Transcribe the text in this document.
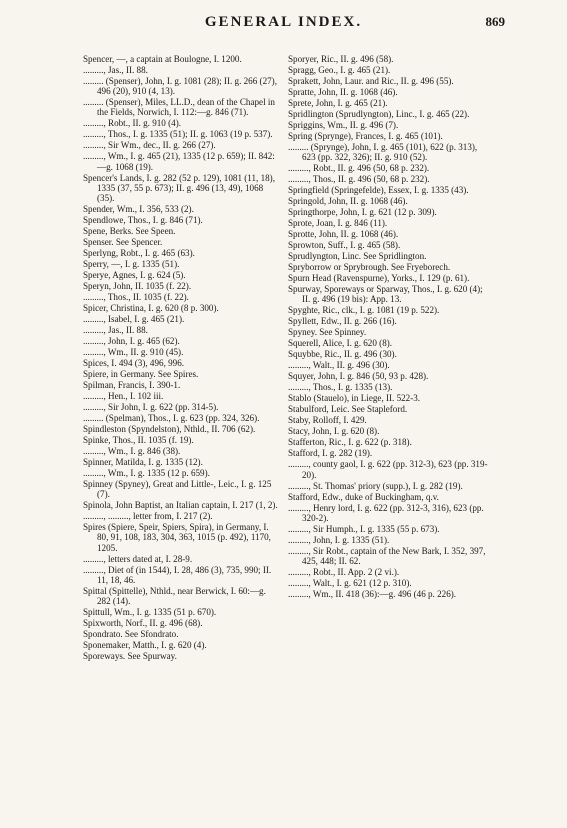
GENERAL INDEX.	869
Spencer, —, a captain at Boulogne, I. 1200.
........., Jas., II. 88.
......... (Spenser), John, I. g. 1081 (28); II. g. 266 (27), 496 (20), 910 (4, 13).
......... (Spenser), Miles, LL.D., dean of the Chapel in the Fields, Norwich, I. 112:—g. 846 (71).
........., Robt., II. g. 910 (4).
........., Thos., I. g. 1335 (51); II. g. 1063 (19 p. 537).
........., Sir Wm., dec., II. g. 266 (27).
........., Wm., I. g. 465 (21), 1335 (12 p. 659); II. 842:—g. 1068 (19).
Spencer's Lands, I. g. 282 (52 p. 129), 1081 (11, 18), 1335 (37, 55 p. 673); II. g. 496 (13, 49), 1068 (35).
Spender, Wm., I. 356, 533 (2).
Spendlowe, Thos., I. g. 846 (71).
Spene, Berks. See Speen.
Spenser. See Spencer.
Sperlyng, Robt., I. g. 465 (63).
Sperry, —, I. g. 1335 (51).
Sperye, Agnes, I. g. 624 (5).
Speryn, John, II. 1035 (f. 22).
........., Thos., II. 1035 (f. 22).
Spicer, Christina, I. g. 620 (8 p. 300).
........., Isabel, I. g. 465 (21).
........., Jas., II. 88.
........., John, I. g. 465 (62).
........., Wm., II. g. 910 (45).
Spices, I. 494 (3), 496, 996.
Spiere, in Germany. See Spires.
Spilman, Francis, I. 390-1.
........., Hen., I. 102 iii.
........., Sir John, I. g. 622 (pp. 314-5).
......... (Spelman), Thos., I. g. 623 (pp. 324, 326).
Spindleston (Spyndelston), Nthld., II. 706 (62).
Spinke, Thos., II. 1035 (f. 19).
........., Wm., I. g. 846 (38).
Spinner, Matilda, I. g. 1335 (12).
........., Wm., I. g. 1335 (12 p. 659).
Spinney (Spyney), Great and Little-, Leic., I. g. 125 (7).
Spinola, John Baptist, an Italian captain, I. 217 (1, 2).
........., ........., letter from, I. 217 (2).
Spires (Spiere, Speir, Spiers, Spira), in Germany, I. 80, 91, 108, 183, 304, 363, 1015 (p. 492), 1170, 1205.
........., letters dated at, I. 28-9.
........., Diet of (in 1544), I. 28, 486 (3), 735, 990; II. 11, 18, 46.
Spittal (Spittelle), Nthld., near Berwick, I. 60:—g. 282 (14).
Spittull, Wm., I. g. 1335 (51 p. 670).
Spixworth, Norf., II. g. 496 (68).
Spondrato. See Sfondrato.
Sponemaker, Matth., I. g. 620 (4).
Sporeways. See Spurway.
Sporyer, Ric., II. g. 496 (58).
Spragg, Geo., I. g. 465 (21).
Sprakett, John, Laur. and Ric., II. g. 496 (55).
Spratte, John, II. g. 1068 (46).
Sprete, John, I. g. 465 (21).
Spridlington (Sprudlyngton), Linc., I. g. 465 (22).
Spriggins, Wm., II. g. 496 (7).
Spring (Sprynge), Frances, I. g. 465 (101).
......... (Sprynge), John, I. g. 465 (101), 622 (p. 313), 623 (pp. 322, 326); II. g. 910 (52).
........., Robt., II. g. 496 (50, 68 p. 232).
........., Thos., II. g. 496 (50, 68 p. 232).
Springfield (Springefelde), Essex, I. g. 1335 (43).
Springold, John, II. g. 1068 (46).
Springthorpe, John, I. g. 621 (12 p. 309).
Sprote, Joan, I. g. 846 (11).
Sprotte, John, II. g. 1068 (46).
Sprowton, Suff., I. g. 465 (58).
Sprudlyngton, Linc. See Spridlington.
Spryborrow or Sprybrough. See Fryeborech.
Spurn Head (Ravenspurne), Yorks., I. 129 (p. 61).
Spurway, Sporeways or Sparway, Thos., I. g. 620 (4); II. g. 496 (19 bis): App. 13.
Spyghte, Ric., clk., I. g. 1081 (19 p. 522).
Spyllett, Edw., II. g. 266 (16).
Spyney. See Spinney.
Squerell, Alice, I. g. 620 (8).
Squybbe, Ric., II. g. 496 (30).
........., Walt., II. g. 496 (30).
Squyer, John, I. g. 846 (50, 93 p. 428).
........., Thos., I. g. 1335 (13).
Stablo (Stauelo), in Liege, II. 522-3.
Stabulford, Leic. See Stapleford.
Staby, Rolloff, I. 429.
Stacy, John, I. g. 620 (8).
Stafferton, Ric., I. g. 622 (p. 318).
Stafford, I. g. 282 (19).
........., county gaol, I. g. 622 (pp. 312-3), 623 (pp. 319-20).
........., St. Thomas' priory (supp.), I. g. 282 (19).
Stafford, Edw., duke of Buckingham, q.v.
........., Henry lord, I. g. 622 (pp. 312-3, 316), 623 (pp. 320-2).
........., Sir Humph., I. g. 1335 (55 p. 673).
........., John, I. g. 1335 (51).
........., Sir Robt., captain of the New Bark, I. 352, 397, 425, 448; II. 62.
........., Robt., II. App. 2 (2 vi.).
........., Walt., I. g. 621 (12 p. 310).
........., Wm., II. 418 (36):—g. 496 (46 p. 226).
